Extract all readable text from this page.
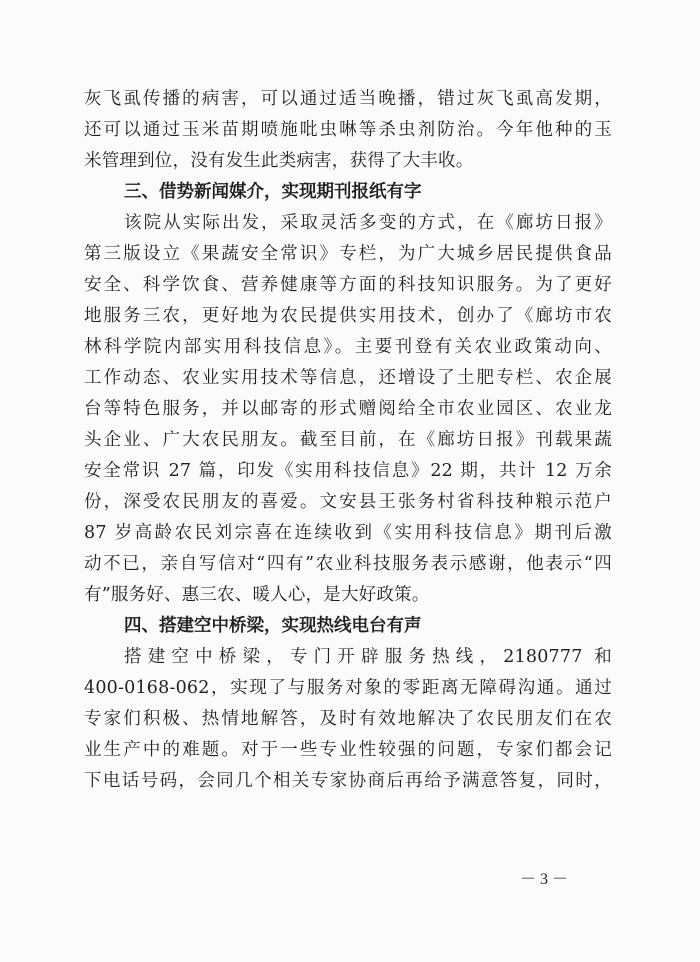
灰飞虱传播的病害，可以通过适当晚播，错过灰飞虱高发期，
还可以通过玉米苗期喷施吡虫啉等杀虫剂防治。今年他种的玉
米管理到位，没有发生此类病害，获得了大丰收。
三、借势新闻媒介，实现期刊报纸有字
该院从实际出发，采取灵活多变的方式，在《廊坊日报》
第三版设立《果蔬安全常识》专栏，为广大城乡居民提供食品
安全、科学饮食、营养健康等方面的科技知识服务。为了更好
地服务三农，更好地为农民提供实用技术，创办了《廊坊市农
林科学院内部实用科技信息》。主要刊登有关农业政策动向、
工作动态、农业实用技术等信息，还增设了土肥专栏、农企展
台等特色服务，并以邮寄的形式赠阅给全市农业园区、农业龙
头企业、广大农民朋友。截至目前，在《廊坊日报》刊载果蔬
安全常识 27 篇，印发《实用科技信息》22 期，共计 12 万余
份，深受农民朋友的喜爱。文安县王张务村省科技种粮示范户
87 岁高龄农民刘宗喜在连续收到《实用科技信息》期刊后激
动不已，亲自写信对“四有”农业科技服务表示感谢，他表示“四
有”服务好、惠三农、暖人心，是大好政策。
四、搭建空中桥梁，实现热线电台有声
搭建空中桥梁，专门开辟服务热线，2180777 和
400-0168-062，实现了与服务对象的零距离无障碍沟通。通过
专家们积极、热情地解答，及时有效地解决了农民朋友们在农
业生产中的难题。对于一些专业性较强的问题，专家们都会记
下电话号码，会同几个相关专家协商后再给予满意答复，同时，
－ 3 －
